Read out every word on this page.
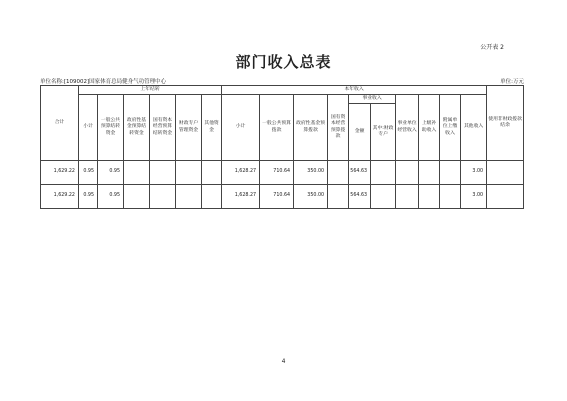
公开表 2
部门收入总表
单位名称:[109002]国家体育总局健身气功管理中心	单位:万元
合计	上年结转						本年收入										使用非财政拨款结余
	小计	一般公共预算结转资金	政府性基金预算结转资金	国有资本经营预算结转资金	财政专户管理资金	其他资金	小计	一般公共预算拨款	政府性基金预算拨款	国有资本经营预算拨款	事业收入		事业单位经营收入	上级补助收入	附属单位上缴收入	其他收入	
											金额	其中:财政专户					
1,629.22	0.95	0.95					1,628.27	710.64	350.00		564.63					3.00	
1,629.22	0.95	0.95					1,628.27	710.64	350.00		564.63					3.00	
4
